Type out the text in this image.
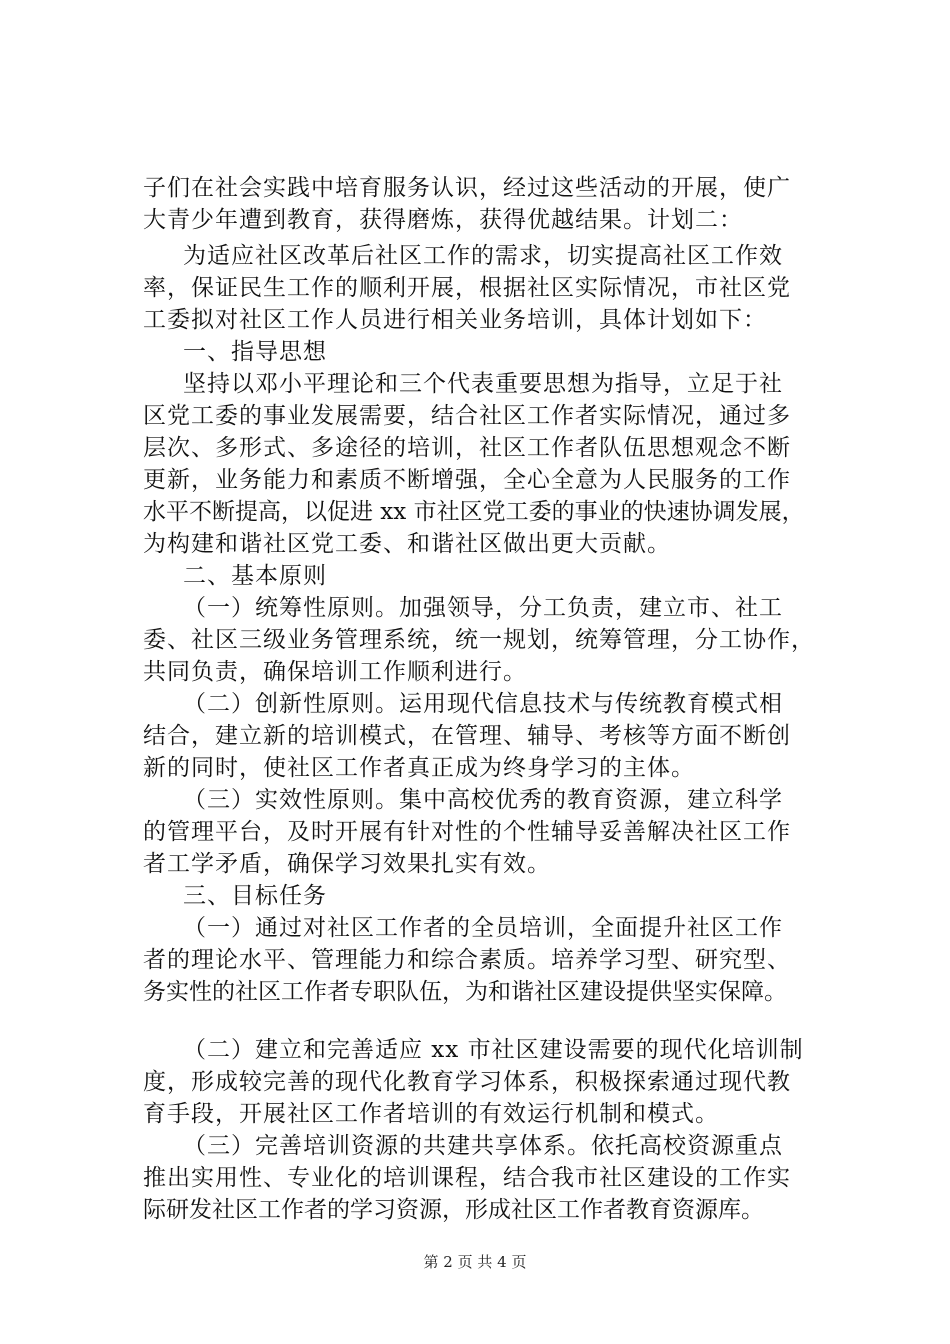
子们在社会实践中培育服务认识，经过这些活动的开展，使广
大青少年遭到教育，获得磨炼，获得优越结果。计划二：
为适应社区改革后社区工作的需求，切实提高社区工作效
率，保证民生工作的顺利开展，根据社区实际情况，市社区党
工委拟对社区工作人员进行相关业务培训，具体计划如下：
一、指导思想
坚持以邓小平理论和三个代表重要思想为指导，立足于社
区党工委的事业发展需要，结合社区工作者实际情况，通过多
层次、多形式、多途径的培训，社区工作者队伍思想观念不断
更新，业务能力和素质不断增强，全心全意为人民服务的工作
水平不断提高，以促进 xx 市社区党工委的事业的快速协调发展，
为构建和谐社区党工委、和谐社区做出更大贡献。
二、基本原则
（一）统筹性原则。加强领导，分工负责，建立市、社工
委、社区三级业务管理系统，统一规划，统筹管理，分工协作，
共同负责，确保培训工作顺利进行。
（二）创新性原则。运用现代信息技术与传统教育模式相
结合，建立新的培训模式，在管理、辅导、考核等方面不断创
新的同时，使社区工作者真正成为终身学习的主体。
（三）实效性原则。集中高校优秀的教育资源，建立科学
的管理平台，及时开展有针对性的个性辅导妥善解决社区工作
者工学矛盾，确保学习效果扎实有效。
三、目标任务
（一）通过对社区工作者的全员培训，全面提升社区工作
者的理论水平、管理能力和综合素质。培养学习型、研究型、
务实性的社区工作者专职队伍，为和谐社区建设提供坚实保障。
（二）建立和完善适应 xx 市社区建设需要的现代化培训制
度，形成较完善的现代化教育学习体系，积极探索通过现代教
育手段，开展社区工作者培训的有效运行机制和模式。
（三）完善培训资源的共建共享体系。依托高校资源重点
推出实用性、专业化的培训课程，结合我市社区建设的工作实
际研发社区工作者的学习资源，形成社区工作者教育资源库。
第 2 页 共 4 页
